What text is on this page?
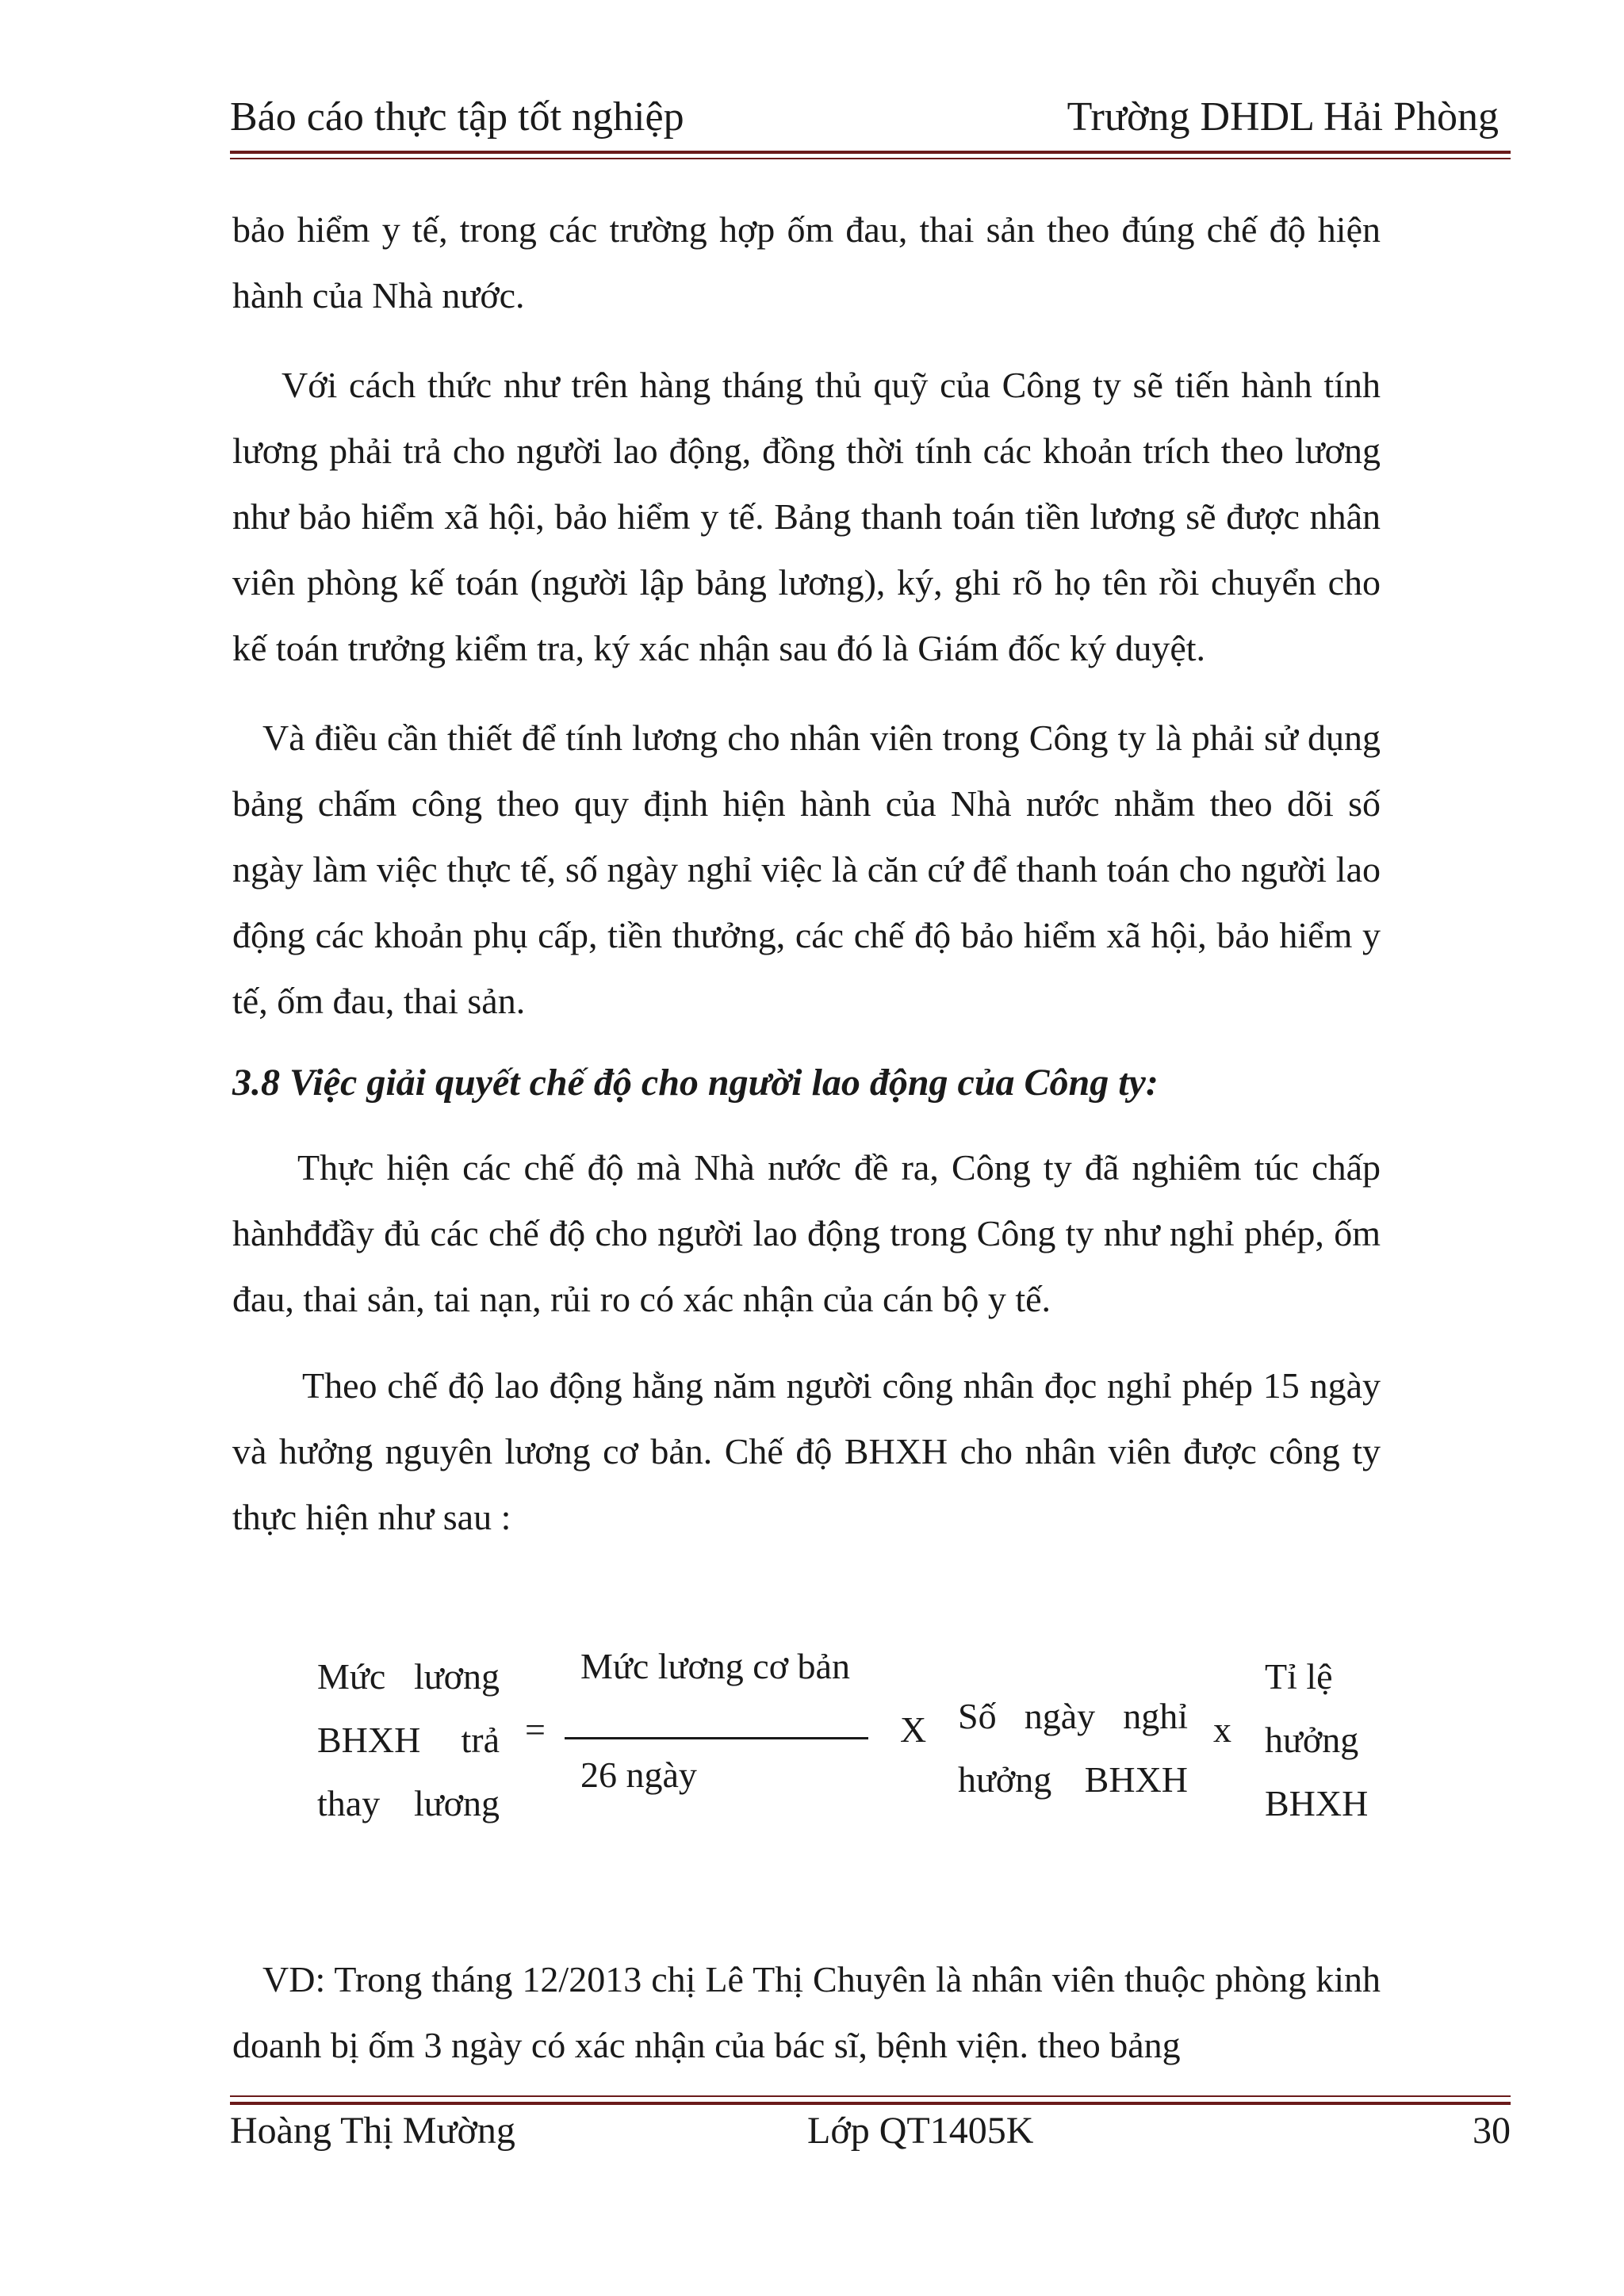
Báo cáo thực tập tốt nghiệp	Trường DHDL Hải Phòng

bảo hiểm y tế, trong các trường hợp ốm đau, thai sản theo đúng chế độ hiện hành của Nhà nước.

Với cách thức như trên hàng tháng thủ quỹ của Công ty sẽ tiến hành tính lương phải trả cho người lao động, đồng thời tính các khoản trích theo lương như bảo hiểm xã hội, bảo hiểm y tế. Bảng thanh toán tiền lương sẽ được nhân viên phòng kế toán (người lập bảng lương), ký, ghi rõ họ tên rồi chuyển cho kế toán trưởng kiểm tra, ký xác nhận sau đó là Giám đốc ký duyệt.

Và điều cần thiết để tính lương cho nhân viên trong Công ty là phải sử dụng bảng chấm công theo quy định hiện hành của Nhà nước nhằm theo dõi số ngày làm việc thực tế, số ngày nghỉ việc là căn cứ để thanh toán cho người lao động các khoản phụ cấp, tiền thưởng, các chế độ bảo hiểm xã hội, bảo hiểm y tế, ốm đau, thai sản.

3.8 Việc giải quyết chế độ cho người lao động của Công ty:

Thực hiện các chế độ mà Nhà nước đề ra, Công ty đã nghiêm túc chấp hànhđđầy đủ các chế độ cho người lao động trong Công ty như nghỉ phép, ốm đau, thai sản, tai nạn, rủi ro có xác nhận của cán bộ y tế.

Theo chế độ lao động hằng năm người công nhân đọc nghỉ phép 15 ngày và hưởng nguyên lương cơ bản. Chế độ BHXH cho nhân viên được công ty thực hiện như sau :

Mức lương
BHXH trả
thay lương
=
Mức lương cơ bản
26 ngày
X Số ngày nghỉ
hưởng BHXH
x
Tỉ lệ
hưởng
BHXH

VD: Trong tháng 12/2013 chị Lê Thị Chuyên là nhân viên thuộc phòng kinh doanh bị ốm 3 ngày có xác nhận của bác sĩ, bệnh viện. theo bảng

Hoàng Thị Mường	Lớp QT1405K	30
